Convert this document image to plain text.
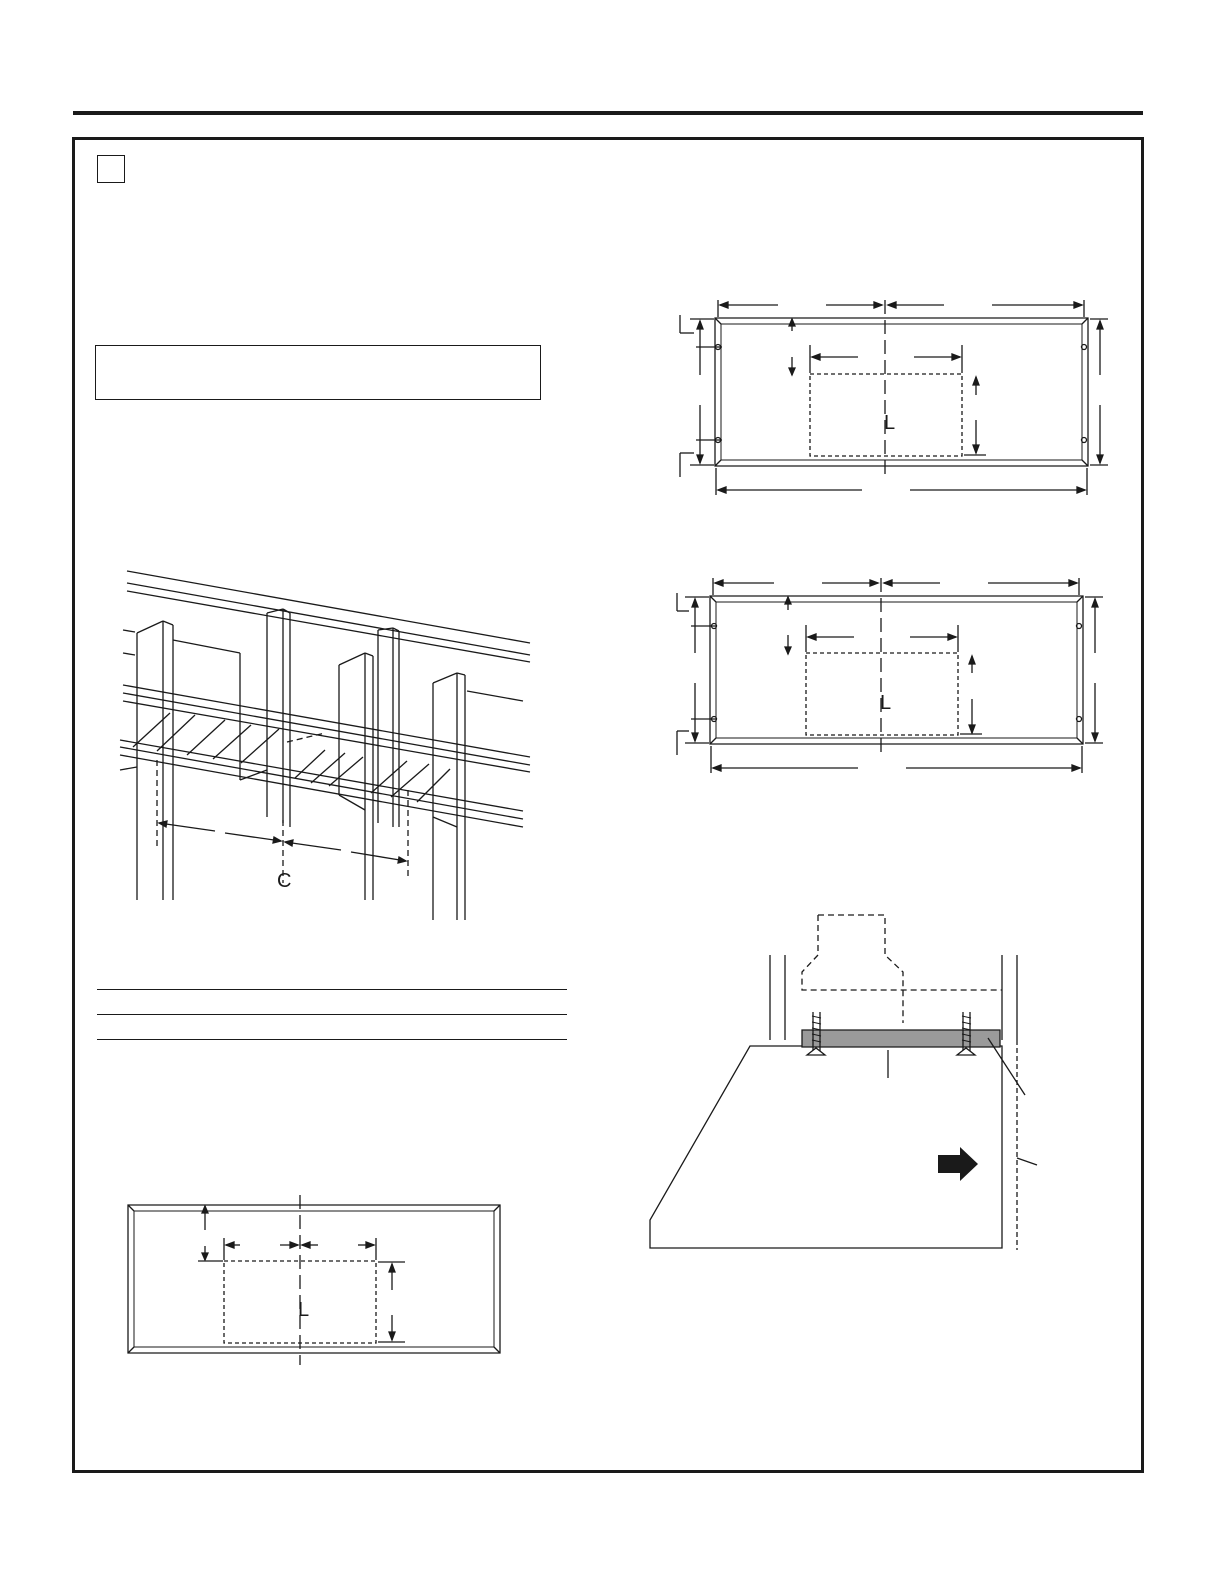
L
L
C
L
